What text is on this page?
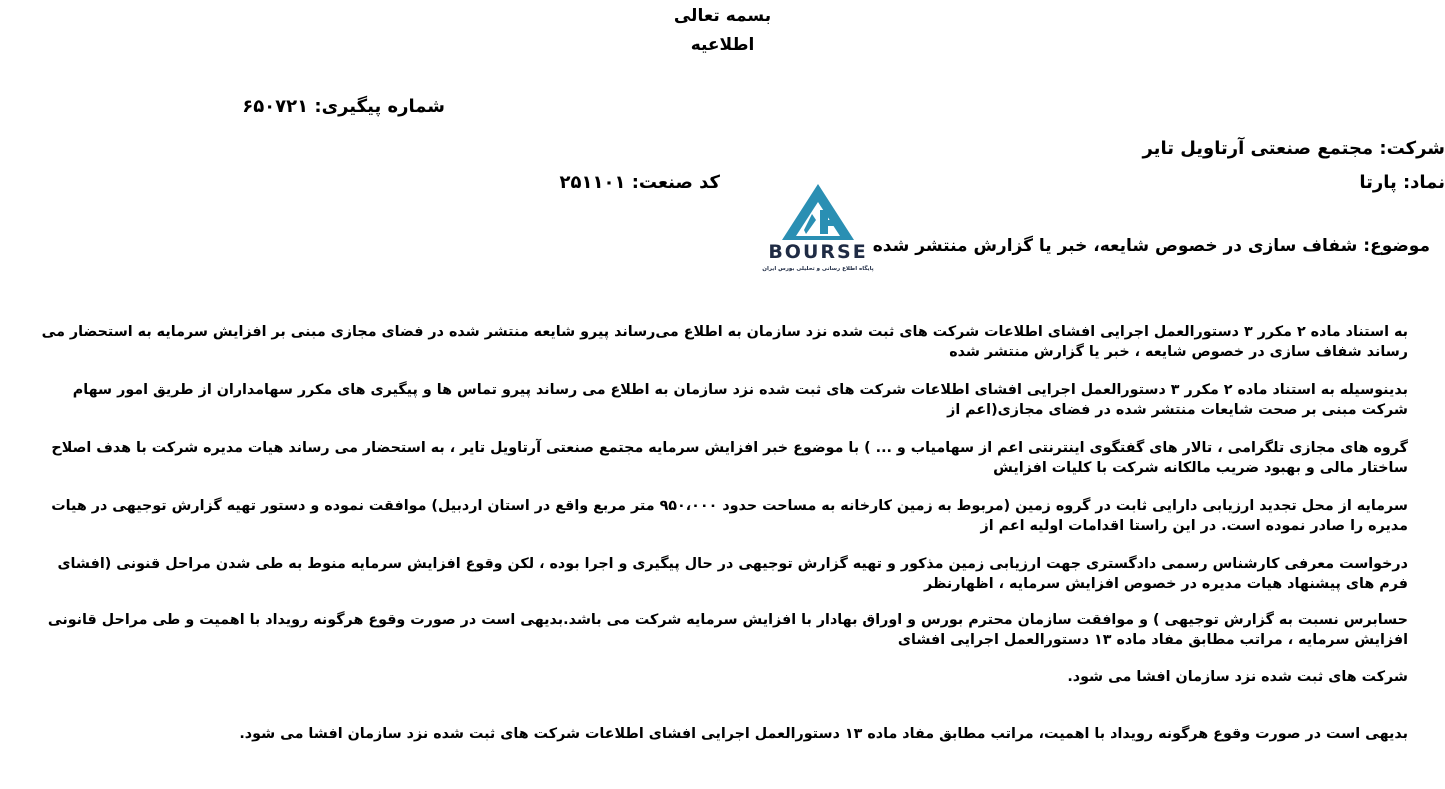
بسمه تعالی
اطلاعیه
شماره پیگیری: ۶۵۰۷۲۱
شرکت: مجتمع صنعتی آرتاویل تایر
نماد: پارتا
کد صنعت: ۲۵۱۱۰۱
موضوع: شفاف سازی در خصوص شایعه، خبر یا گزارش منتشر شده
BOURSE
پایگاه اطلاع رسانی و تحلیلی بورس ایران
به استناد ماده ۲ مکرر ۳ دستورالعمل اجرایی افشای اطلاعات شرکت های ثبت شده نزد سازمان به اطلاع می‌رساند پیرو شایعه منتشر شده در فضای مجازی مبنی بر افزایش سرمایه به استحضار می رساند شفاف سازی در خصوص شایعه ، خبر یا گزارش منتشر شده
بدینوسیله به استناد ماده ۲ مکرر ۳ دستورالعمل اجرایی افشای اطلاعات شرکت های ثبت شده نزد سازمان به اطلاع می رساند پیرو تماس ها و پیگیری های مکرر سهامداران از طریق امور سهام شرکت مبنی بر صحت شایعات منتشر شده در فضای مجازی(اعم از
گروه های مجازی تلگرامی ، تالار های گفتگوی اینترنتی اعم از سهامیاب و ... ) با موضوع خبر افزایش سرمایه مجتمع صنعتی آرتاویل تایر ، به استحضار می رساند هیات مدیره شرکت با هدف اصلاح ساختار مالی و بهبود ضریب مالکانه شرکت با کلیات افزایش
سرمایه از محل تجدید ارزیابی دارایی ثابت در گروه زمین (مربوط به زمین کارخانه به مساحت حدود ۹۵۰،۰۰۰ متر مربع واقع در استان اردبیل) موافقت نموده و دستور تهیه گزارش توجیهی در هیات مدیره را صادر نموده است. در این راستا اقدامات اولیه اعم از
درخواست معرفی کارشناس رسمی دادگستری جهت ارزیابی زمین مذکور و تهیه گزارش توجیهی در حال پیگیری و اجرا بوده ، لکن وقوع افزایش سرمایه منوط به طی شدن مراحل قنونی (افشای فرم های پیشنهاد هیات مدیره در خصوص افزایش سرمایه ، اظهارنظر
حسابرس نسبت به گزارش توجیهی ) و موافقت سازمان محترم بورس و اوراق بهادار با افزایش سرمایه شرکت می باشد.بدیهی است در صورت وقوع هرگونه رویداد با اهمیت و طی مراحل قانونی افزایش سرمایه ، مراتب مطابق مفاد ماده ۱۳ دستورالعمل اجرایی افشای
شرکت های ثبت شده نزد سازمان افشا می شود.
بدیهی است در صورت وقوع هرگونه رویداد با اهمیت، مراتب مطابق مفاد ماده ۱۳ دستورالعمل اجرایی افشای اطلاعات شرکت های ثبت شده نزد سازمان افشا می شود.
